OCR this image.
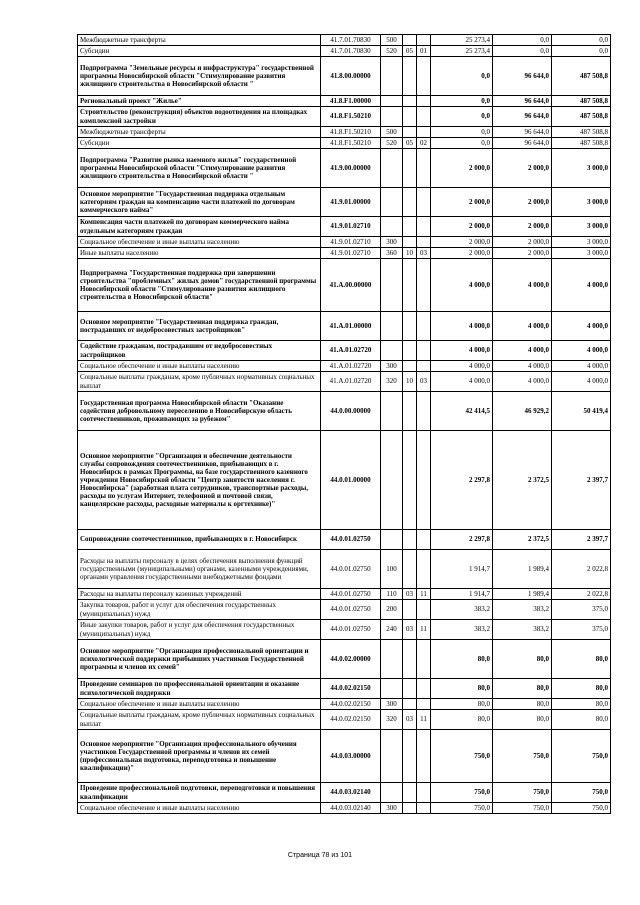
Межбюджетные трансферты	41.7.01.70830	500			25 273,4	0,0	0,0
Субсидии	41.7.01.70830	520	05	01	25 273,4	0,0	0,0
Подпрограмма "Земельные ресурсы и инфраструктура" государственной программы Новосибирской области "Стимулирование развития жилищного строительства в Новосибирской области "	41.8.00.00000				0,0	96 644,0	487 508,8
Региональный проект "Жилье"	41.8.F1.00000				0,0	96 644,0	487 508,8
Строительство (реконструкция) объектов водоотведения на площадках комплексной застройки	41.8.F1.50210				0,0	96 644,0	487 508,8
Межбюджетные трансферты	41.8.F1.50210	500			0,0	96 644,0	487 508,8
Субсидии	41.8.F1.50210	520	05	02	0,0	96 644,0	487 508,8
Подпрограмма "Развитие рынка наемного жилья" государственной программы Новосибирской области "Стимулирование развития жилищного строительства в Новосибирской области "	41.9.00.00000				2 000,0	2 000,0	3 000,0
Основное мероприятие "Государственная поддержка отдельным категориям граждан на компенсацию части платежей по договорам коммерческого найма"	41.9.01.00000				2 000,0	2 000,0	3 000,0
Компенсация части платежей по договорам коммерческого найма отдельным категориям граждан	41.9.01.02710				2 000,0	2 000,0	3 000,0
Социальное обеспечение и иные выплаты населению	41.9.01.02710	300			2 000,0	2 000,0	3 000,0
Иные выплаты населению	41.9.01.02710	360	10	03	2 000,0	2 000,0	3 000,0
Подпрограмма "Государственная поддержка при завершении строительства "проблемных" жилых домов" государственной программы Новосибирской области "Стимулирование развития жилищного строительства в Новосибирской области"	41.А.00.00000				4 000,0	4 000,0	4 000,0
Основное мероприятие "Государственная поддержка граждан, пострадавших от недобросовестных застройщиков"	41.А.01.00000				4 000,0	4 000,0	4 000,0
Содействие гражданам, пострадавшим от недобросовестных застройщиков	41.А.01.02720				4 000,0	4 000,0	4 000,0
Социальное обеспечение и иные выплаты населению	41.А.01.02720	300			4 000,0	4 000,0	4 000,0
Социальные выплаты гражданам, кроме публичных нормативных социальных выплат	41.А.01.02720	320	10	03	4 000,0	4 000,0	4 000,0
Государственная программа Новосибирской области "Оказание содействия добровольному переселению в Новосибирскую область соотечественников, проживающих за рубежом"	44.0.00.00000				42 414,5	46 929,2	50 419,4
Основное мероприятие "Организация и обеспечение деятельности службы сопровождения соотечественников, прибывающих в г. Новосибирск в рамках Программы, на базе государственного казенного учреждения Новосибирской области "Центр занятости населения г. Новосибирска" (заработная плата сотрудников, транспортные расходы, расходы по услугам Интернет, телефонной и почтовой связи, канцелярские расходы, расходные материалы к оргтехнике)"	44.0.01.00000				2 297,8	2 372,5	2 397,7
Сопровождение соотечественников, прибывающих в г. Новосибирск	44.0.01.02750				2 297,8	2 372,5	2 397,7
Расходы на выплаты персоналу в целях обеспечения выполнения функций государственными (муниципальными) органами, казенными учреждениями, органами управления государственными внебюджетными фондами	44.0.01.02750	100			1 914,7	1 989,4	2 022,8
Расходы на выплаты персоналу казенных учреждений	44.0.01.02750	110	03	11	1 914,7	1 989,4	2 022,8
Закупка товаров, работ и услуг для обеспечения государственных (муниципальных) нужд	44.0.01.02750	200			383,2	383,2	375,0
Иные закупки товаров, работ и услуг для обеспечения государственных (муниципальных) нужд	44.0.01.02750	240	03	11	383,2	383,2	375,0
Основное мероприятие "Организация профессиональной ориентации и психологической поддержки прибывших участников Государственной программы и членов их семей"	44.0.02.00000				80,0	80,0	80,0
Проведение семинаров по профессиональной ориентации и оказание психологической поддержки	44.0.02.02150				80,0	80,0	80,0
Социальное обеспечение и иные выплаты населению	44.0.02.02150	300			80,0	80,0	80,0
Социальные выплаты гражданам, кроме публичных нормативных социальных выплат	44.0.02.02150	320	03	11	80,0	80,0	80,0
Основное мероприятие "Организация профессионального обучения участников Государственной программы и членов их семей (профессиональная подготовка, переподготовка и повышение квалификации)"	44.0.03.00000				750,0	750,0	750,0
Проведение профессиональной подготовки, переподготовки и повышения квалификации	44.0.03.02140				750,0	750,0	750,0
Социальное обеспечение и иные выплаты населению	44.0.03.02140	300			750,0	750,0	750,0
Страница 78 из 101
